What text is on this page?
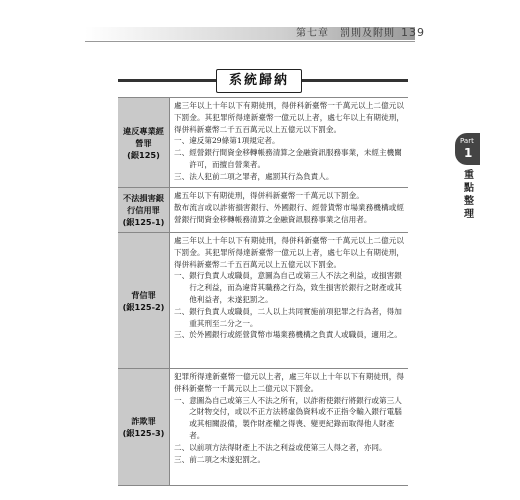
第七章　罰則及附則 139
系統歸納
違反專業經營罪
(銀125)

處三年以上十年以下有期徒刑，得併科新臺幣一千萬元以上二億元以下罰金。其犯罪所得達新臺幣一億元以上者，處七年以上有期徒刑，得併科新臺幣二千五百萬元以上五億元以下罰金。

一、 違反第29條第1項規定者。
二、 經營銀行間資金移轉帳務清算之金融資訊服務事業，未經主機關許可，而擅自營業者。
三、 法人犯前二項之罪者，處罰其行為負責人。
不法損害銀行信用罪
(銀125-1)

處五年以下有期徒刑，得併科新臺幣一千萬元以下罰金。

散布流言或以詐術損害銀行、外國銀行、經營貨幣市場業務機構或經營銀行間資金移轉帳務清算之金融資訊服務事業之信用者。

背信罪
(銀125-2)

處三年以上十年以下有期徒刑，得併科新臺幣一千萬元以上二億元以下罰金。其犯罪所得達新臺幣一億元以上者，處七年以上有期徒刑，得併科新臺幣二千五百萬元以上五億元以下罰金。

一、 銀行負責人或職員，意圖為自己或第三人不法之利益，或損害銀行之利益，而為違背其職務之行為，致生損害於銀行之財產或其他利益者，未遂犯罰之。
二、 銀行負責人或職員，二人以上共同實施前項犯罪之行為者，得加重其刑至二分之一。
三、 於外國銀行或經營貨幣市場業務機構之負責人或職員，適用之。
詐欺罪
(銀125-3)

犯罪所得達新臺幣一億元以上者，處三年以上十年以下有期徒刑，得併科新臺幣一千萬元以上二億元以下罰金。

一、 意圖為自己或第三人不法之所有，以詐術使銀行將銀行或第三人之財物交付，或以不正方法將虛偽資料或不正指令輸入銀行電腦或其相關設備，製作財產權之得喪、變更紀錄而取得他人財產者。
二、 以前項方法得財產上不法之利益或使第三人得之者，亦同。
三、 前二項之未遂犯罰之。
Part
1
重點整理
